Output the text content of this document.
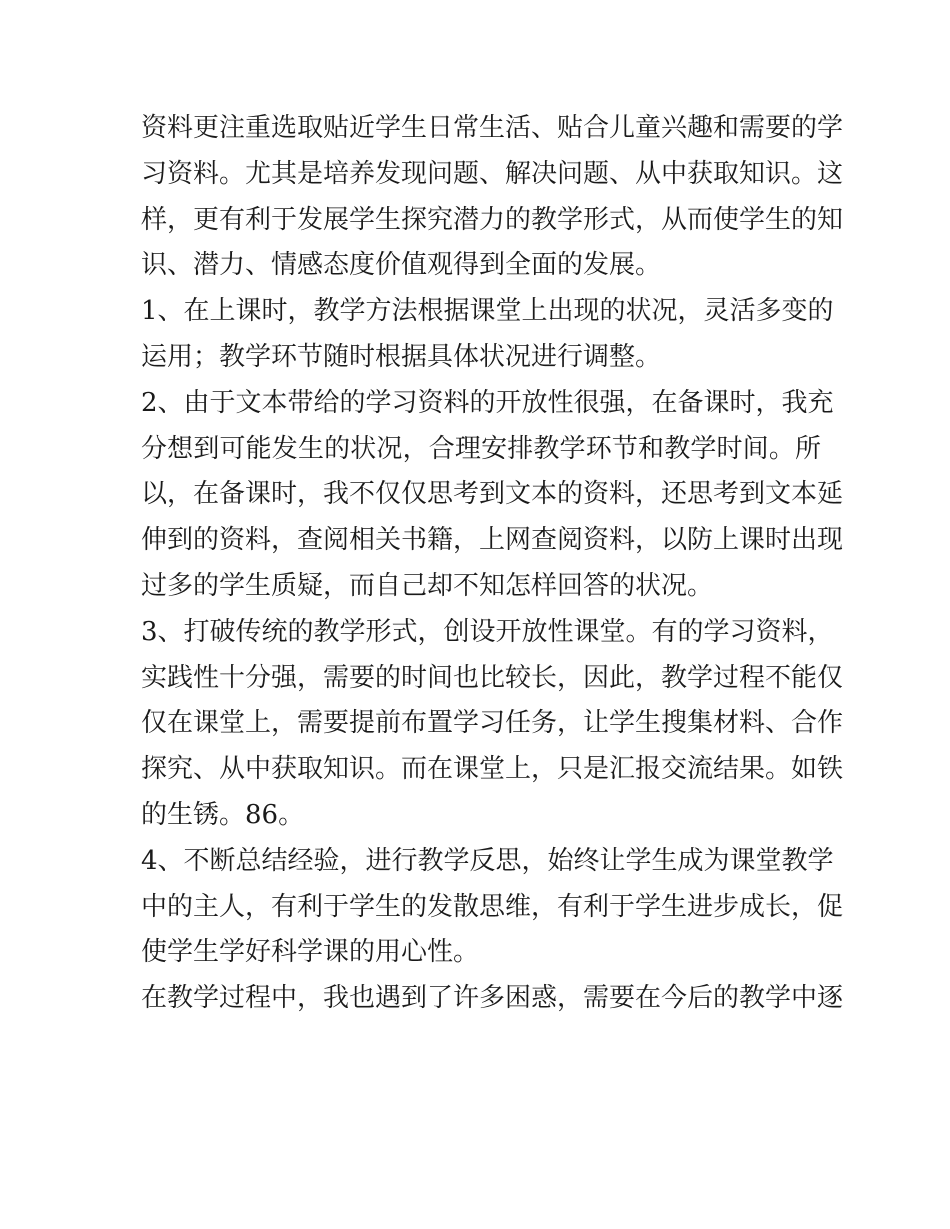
资料更注重选取贴近学生日常生活、贴合儿童兴趣和需要的学
习资料。尤其是培养发现问题、解决问题、从中获取知识。这
样，更有利于发展学生探究潜力的教学形式，从而使学生的知
识、潜力、情感态度价值观得到全面的发展。
1、在上课时，教学方法根据课堂上出现的状况，灵活多变的
运用；教学环节随时根据具体状况进行调整。
2、由于文本带给的学习资料的开放性很强，在备课时，我充
分想到可能发生的状况，合理安排教学环节和教学时间。所
以，在备课时，我不仅仅思考到文本的资料，还思考到文本延
伸到的资料，查阅相关书籍，上网查阅资料，以防上课时出现
过多的学生质疑，而自己却不知怎样回答的状况。
3、打破传统的教学形式，创设开放性课堂。有的学习资料，
实践性十分强，需要的时间也比较长，因此，教学过程不能仅
仅在课堂上，需要提前布置学习任务，让学生搜集材料、合作
探究、从中获取知识。而在课堂上，只是汇报交流结果。如铁
的生锈。86。
4、不断总结经验，进行教学反思，始终让学生成为课堂教学
中的主人，有利于学生的发散思维，有利于学生进步成长，促
使学生学好科学课的用心性。
在教学过程中，我也遇到了许多困惑，需要在今后的教学中逐
